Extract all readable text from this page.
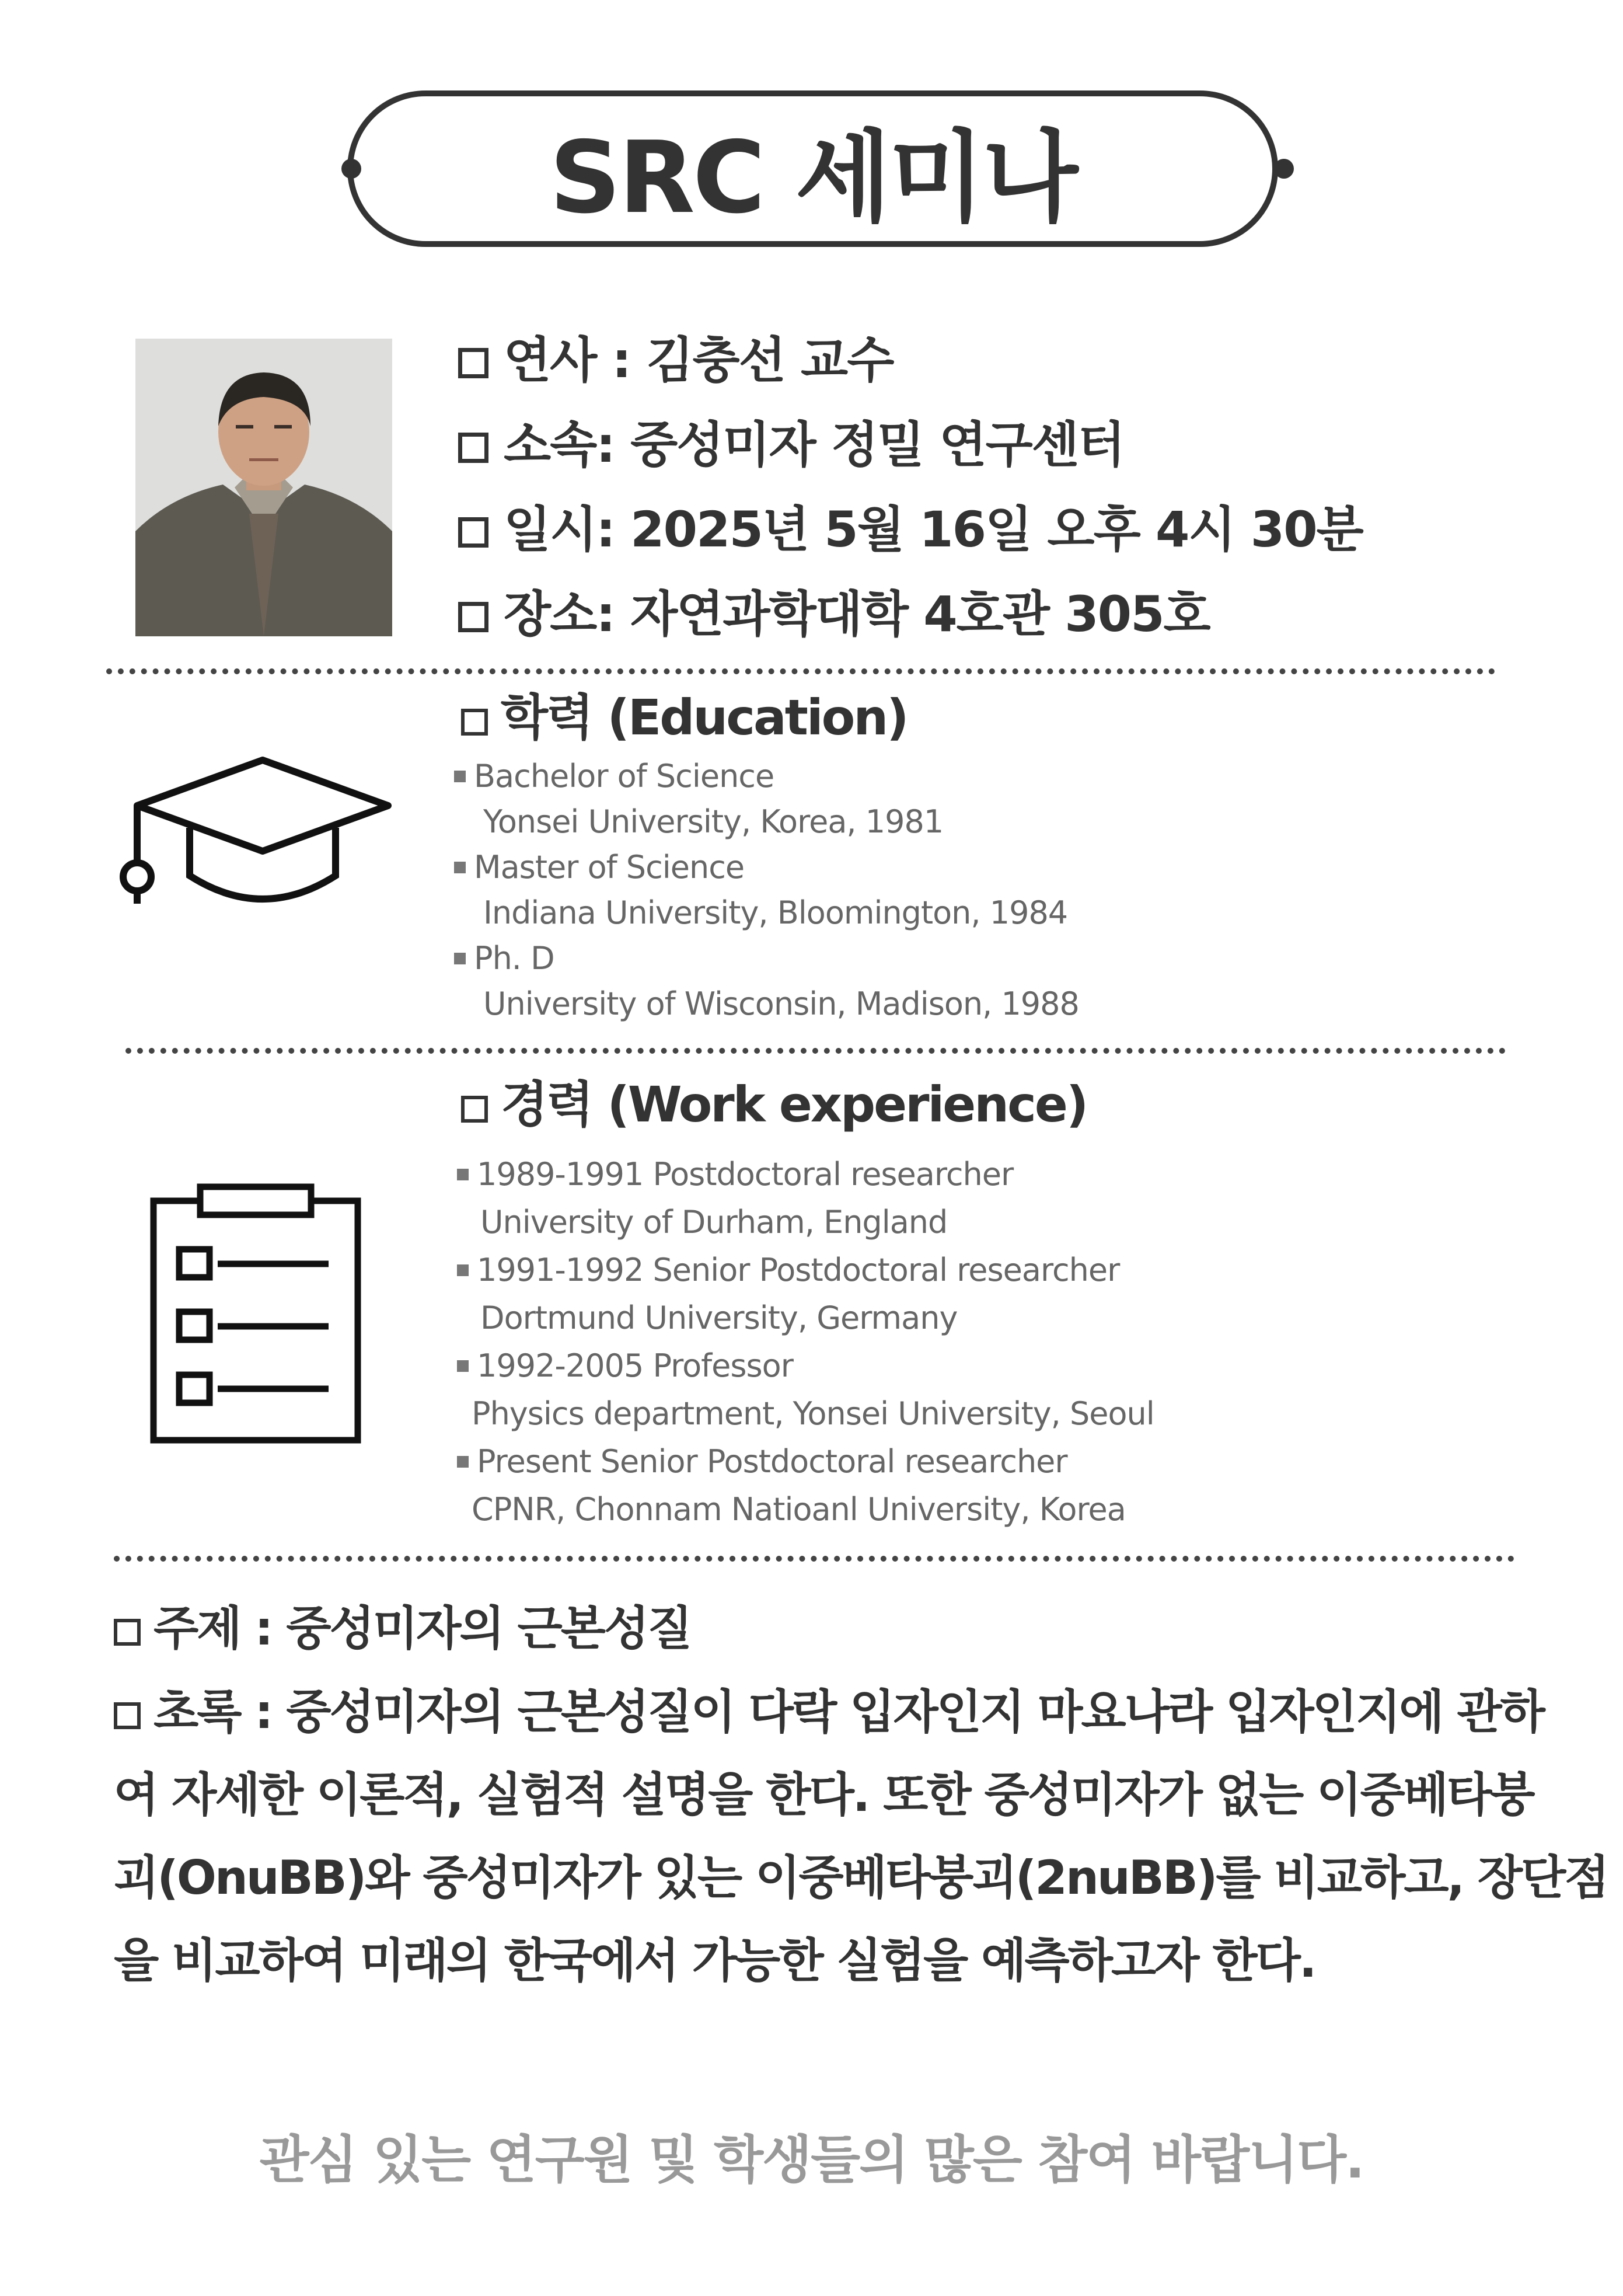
SRC 세미나
연사 : 김충선 교수
소속: 중성미자 정밀 연구센터
일시: 2025년 5월 16일 오후 4시 30분
장소: 자연과학대학 4호관 305호
학력 (Education)
Bachelor of Science
Yonsei University, Korea, 1981
Master of Science
Indiana University, Bloomington, 1984
Ph. D
University of Wisconsin, Madison, 1988
경력 (Work experience)
1989-1991 Postdoctoral researcher
University of Durham, England
1991-1992 Senior Postdoctoral researcher
Dortmund University, Germany
1992-2005 Professor
Physics department, Yonsei University, Seoul
Present Senior Postdoctoral researcher
CPNR, Chonnam Natioanl University, Korea
주제 : 중성미자의 근본성질
초록 : 중성미자의 근본성질이 다락 입자인지 마요나라 입자인지에 관하
여 자세한 이론적, 실험적 설명을 한다. 또한 중성미자가 없는 이중베타붕
괴(OnuBB)와 중성미자가 있는 이중베타붕괴(2nuBB)를 비교하고, 장단점
을 비교하여 미래의 한국에서 가능한 실험을 예측하고자 한다.
관심 있는 연구원 및 학생들의 많은 참여 바랍니다.
